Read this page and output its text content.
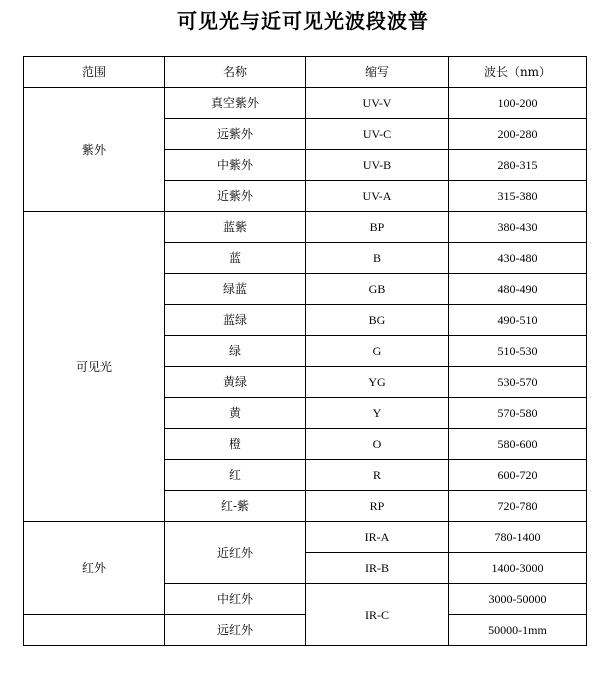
可见光与近可见光波段波普
范围	名称	缩写	波长（nm）
紫外	真空紫外	UV-V	100-200
	远紫外	UV-C	200-280
	中紫外	UV-B	280-315
	近紫外	UV-A	315-380
可见光	蓝紫	BP	380-430
	蓝	B	430-480
	绿蓝	GB	480-490
	蓝绿	BG	490-510
	绿	G	510-530
	黄绿	YG	530-570
	黄	Y	570-580
	橙	O	580-600
	红	R	600-720
	红-紫	RP	720-780
红外	近红外	IR-A	780-1400
		IR-B	1400-3000
	中红外	IR-C	3000-50000
	远红外		50000-1mm
